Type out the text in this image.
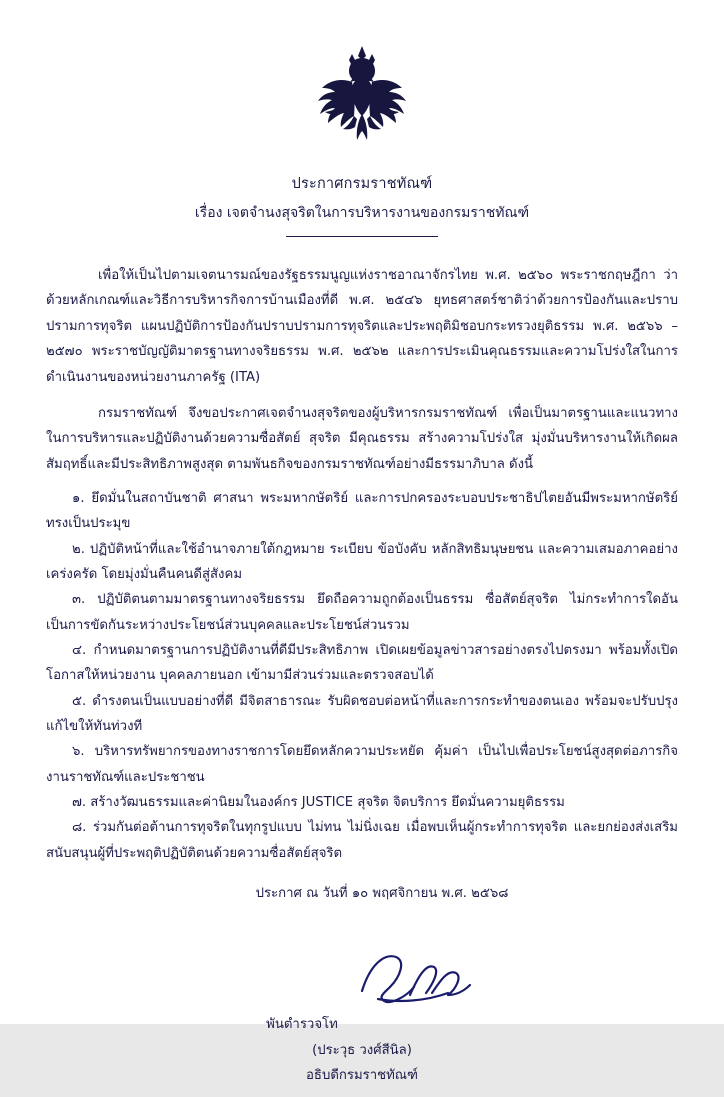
ประกาศกรมราชทัณฑ์
เรื่อง เจตจำนงสุจริตในการบริหารงานของกรมราชทัณฑ์

เพื่อให้เป็นไปตามเจตนารมณ์ของรัฐธรรมนูญแห่งราชอาณาจักรไทย พ.ศ. ๒๕๖๐ พระราชกฤษฎีกา ว่าด้วยหลักเกณฑ์และวิธีการบริหารกิจการบ้านเมืองที่ดี พ.ศ. ๒๕๔๖ ยุทธศาสตร์ชาติว่าด้วยการป้องกันและปราบปรามการทุจริต แผนปฏิบัติการป้องกันปราบปรามการทุจริตและประพฤติมิชอบกระทรวงยุติธรรม พ.ศ. ๒๕๖๖ – ๒๕๗๐ พระราชบัญญัติมาตรฐานทางจริยธรรม พ.ศ. ๒๕๖๒ และการประเมินคุณธรรมและความโปร่งใสในการดำเนินงานของหน่วยงานภาครัฐ (ITA)

กรมราชทัณฑ์ จึงขอประกาศเจตจำนงสุจริตของผู้บริหารกรมราชทัณฑ์ เพื่อเป็นมาตรฐานและแนวทางในการบริหารและปฏิบัติงานด้วยความซื่อสัตย์ สุจริต มีคุณธรรม สร้างความโปร่งใส มุ่งมั่นบริหารงานให้เกิดผลสัมฤทธิ์และมีประสิทธิภาพสูงสุด ตามพันธกิจของกรมราชทัณฑ์อย่างมีธรรมาภิบาล ดังนี้

๑. ยึดมั่นในสถาบันชาติ ศาสนา พระมหากษัตริย์ และการปกครองระบอบประชาธิปไตยอันมีพระมหากษัตริย์ทรงเป็นประมุข

๒. ปฏิบัติหน้าที่และใช้อำนาจภายใต้กฎหมาย ระเบียบ ข้อบังคับ หลักสิทธิมนุษยชน และความเสมอภาคอย่างเคร่งครัด โดยมุ่งมั่นคืนคนดีสู่สังคม

๓. ปฏิบัติตนตามมาตรฐานทางจริยธรรม ยึดถือความถูกต้องเป็นธรรม ซื่อสัตย์สุจริต ไม่กระทำการใดอันเป็นการขัดกันระหว่างประโยชน์ส่วนบุคคลและประโยชน์ส่วนรวม

๔. กำหนดมาตรฐานการปฏิบัติงานที่ดีมีประสิทธิภาพ เปิดเผยข้อมูลข่าวสารอย่างตรงไปตรงมา พร้อมทั้งเปิดโอกาสให้หน่วยงาน บุคคลภายนอก เข้ามามีส่วนร่วมและตรวจสอบได้

๕. ดำรงตนเป็นแบบอย่างที่ดี มีจิตสาธารณะ รับผิดชอบต่อหน้าที่และการกระทำของตนเอง พร้อมจะปรับปรุงแก้ไขให้ทันท่วงที

๖. บริหารทรัพยากรของทางราชการโดยยึดหลักความประหยัด คุ้มค่า เป็นไปเพื่อประโยชน์สูงสุดต่อภารกิจงานราชทัณฑ์และประชาชน

๗. สร้างวัฒนธรรมและค่านิยมในองค์กร JUSTICE สุจริต จิตบริการ ยึดมั่นความยุติธรรม

๘. ร่วมกันต่อต้านการทุจริตในทุกรูปแบบ ไม่ทน ไม่นิ่งเฉย เมื่อพบเห็นผู้กระทำการทุจริต และยกย่องส่งเสริมสนับสนุนผู้ที่ประพฤติปฏิบัติตนด้วยความซื่อสัตย์สุจริต

ประกาศ ณ วันที่ ๑๐ พฤศจิกายน พ.ศ. ๒๕๖๘
พันตำรวจโท
(ประวุธ วงศ์สีนิล)
อธิบดีกรมราชทัณฑ์
